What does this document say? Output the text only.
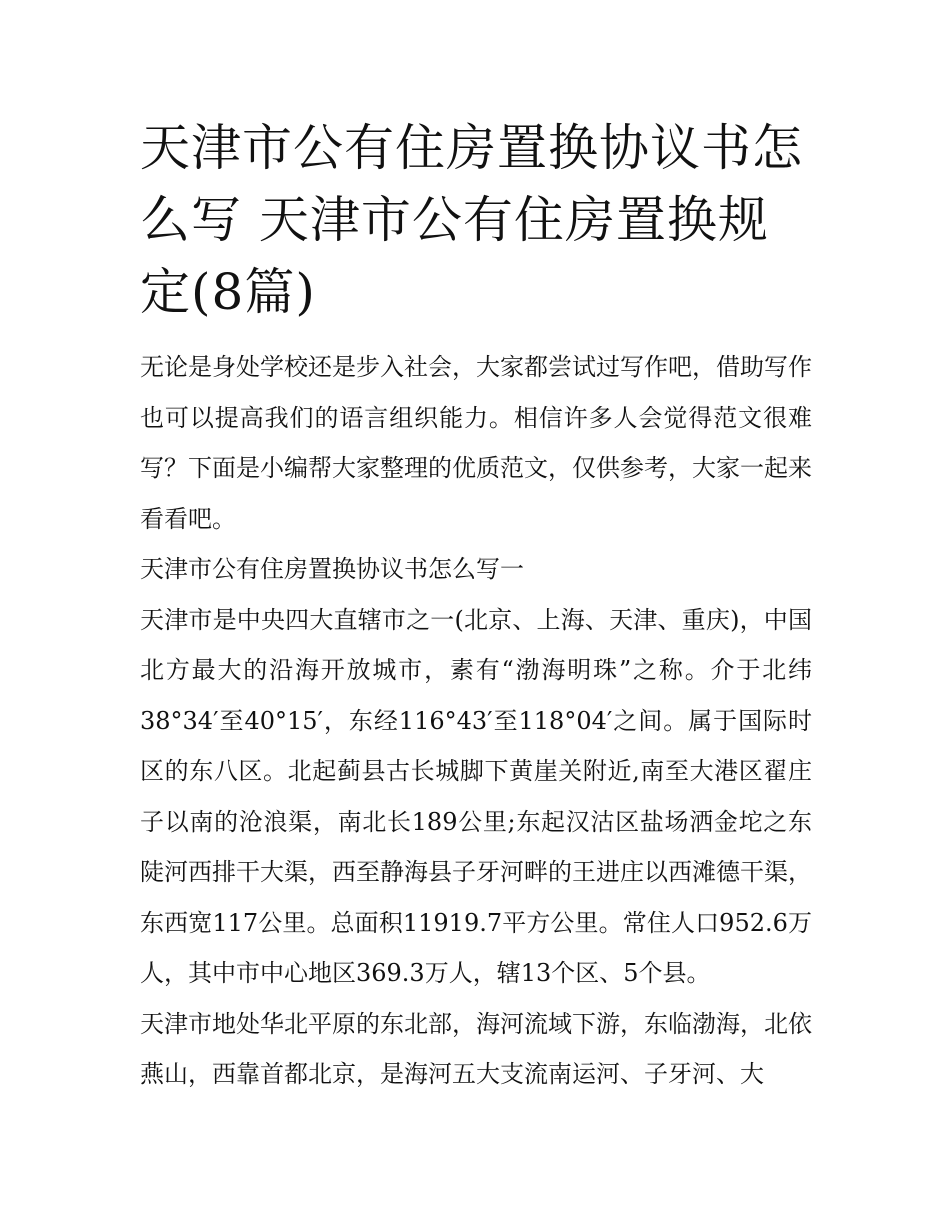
天津市公有住房置换协议书怎么写 天津市公有住房置换规定(8篇)

无论是身处学校还是步入社会，大家都尝试过写作吧，借助写作也可以提高我们的语言组织能力。相信许多人会觉得范文很难写？下面是小编帮大家整理的优质范文，仅供参考，大家一起来看看吧。

天津市公有住房置换协议书怎么写一

天津市是中央四大直辖市之一(北京、上海、天津、重庆)，中国北方最大的沿海开放城市，素有“渤海明珠”之称。介于北纬38°34′至40°15′，东经116°43′至118°04′之间。属于国际时区的东八区。北起蓟县古长城脚下黄崖关附近,南至大港区翟庄子以南的沧浪渠，南北长189公里;东起汉沽区盐场洒金坨之东陡河西排干大渠，西至静海县子牙河畔的王进庄以西滩德干渠，东西宽117公里。总面积11919.7平方公里。常住人口952.6万人，其中市中心地区369.3万人，辖13个区、5个县。

天津市地处华北平原的东北部，海河流域下游，东临渤海，北依燕山，西靠首都北京，是海河五大支流南运河、子牙河、大
